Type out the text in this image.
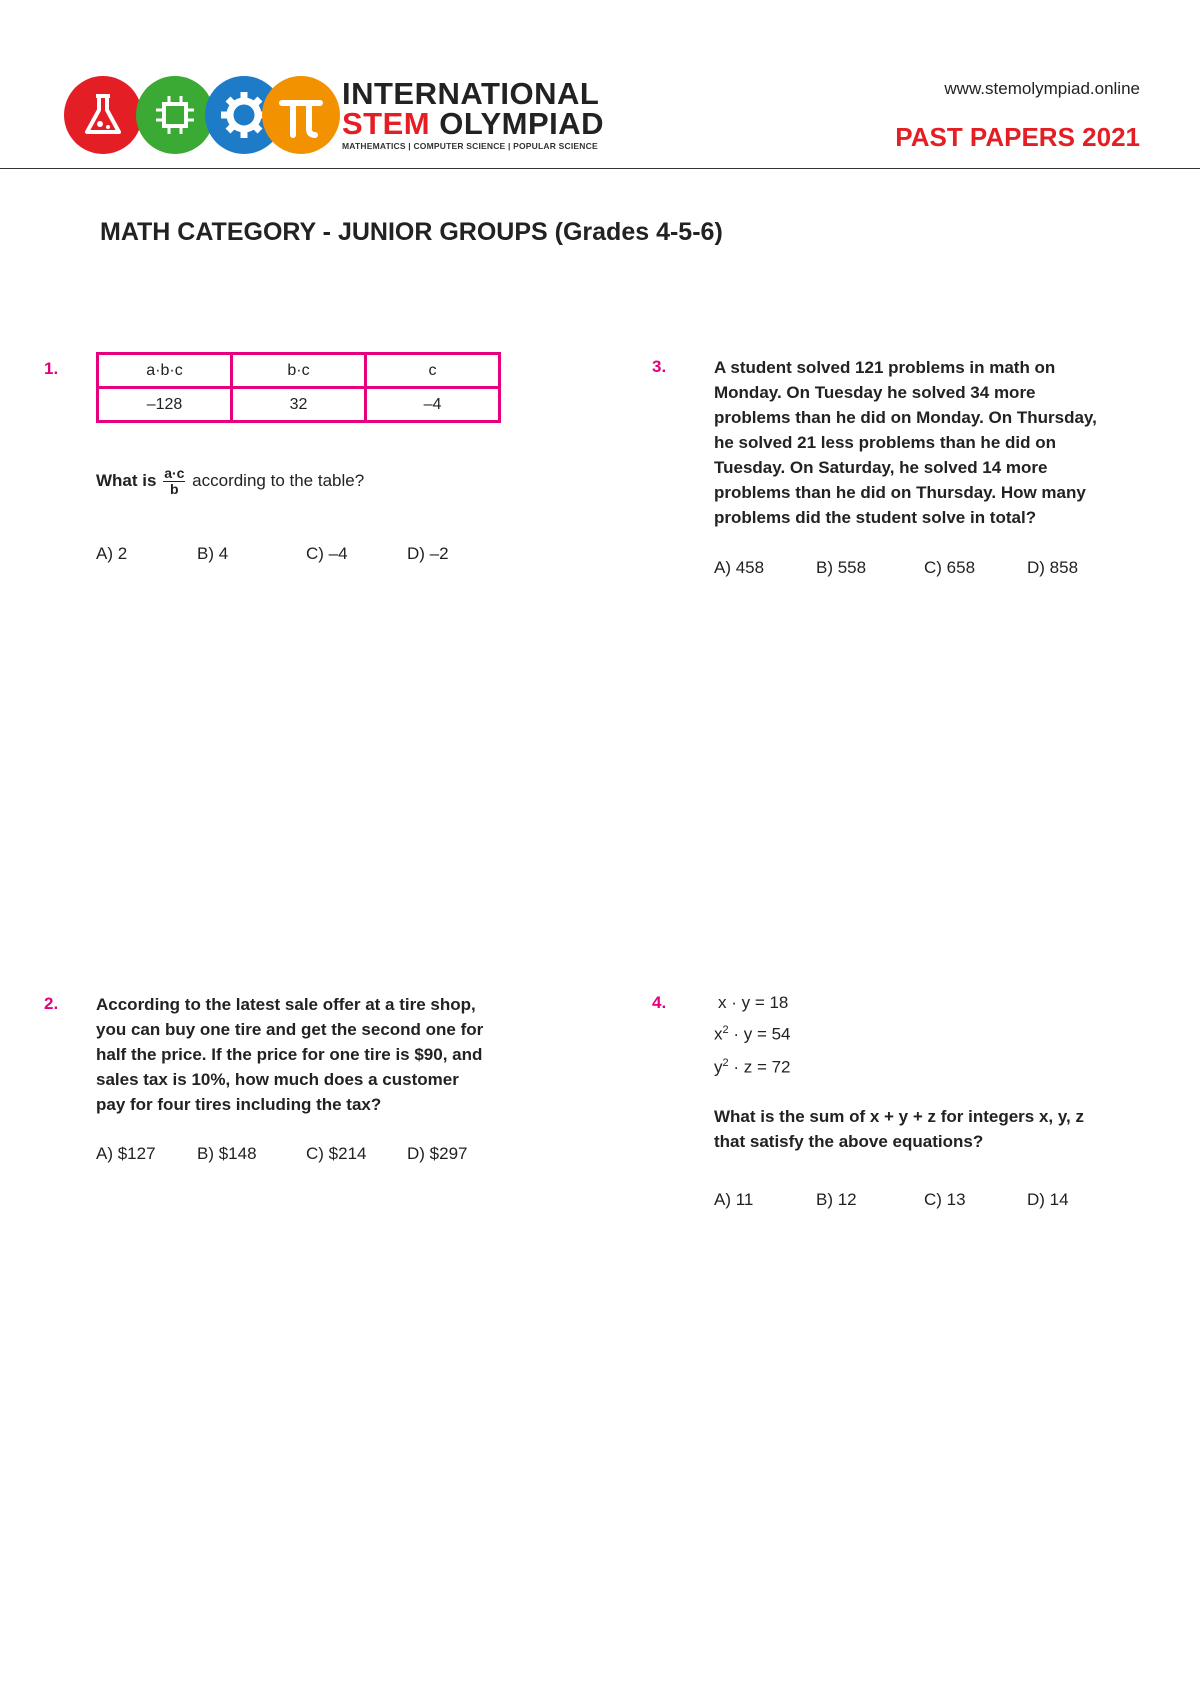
INTERNATIONAL
STEM OLYMPIAD
MATHEMATICS | COMPUTER SCIENCE | POPULAR SCIENCE
www.stemolympiad.online
PAST PAPERS 2021
MATH CATEGORY - JUNIOR GROUPS (Grades 4-5-6)
1.	a·b·c	b·c	c
–128	32	–4
What is $\frac{a\cdot c}{b}$ according to the table?
A) 2	B) 4	C) –4	D) –2
3.	A student solved 121 problems in math on
Monday. On Tuesday he solved 34 more
problems than he did on Monday. On Thursday,
he solved 21 less problems than he did on
Tuesday. On Saturday, he solved 14 more
problems than he did on Thursday. How many
problems did the student solve in total?
A) 458	B) 558	C) 658	D) 858
2. According to the latest sale offer at a tire shop,
you can buy one tire and get the second one for
half the price. If the price for one tire is $90, and
sales tax is 10%, how much does a customer
pay for four tires including the tax?
A) $127 B) $148	C) $214 D) $297
4.	x · y = 18
$x^2 \cdot y = 54$
$y^2 \cdot z = 72$
What is the sum of x + y + z for integers x, y, z
that satisfy the above equations?
A) 11	B) 12	C) 13	D) 14
